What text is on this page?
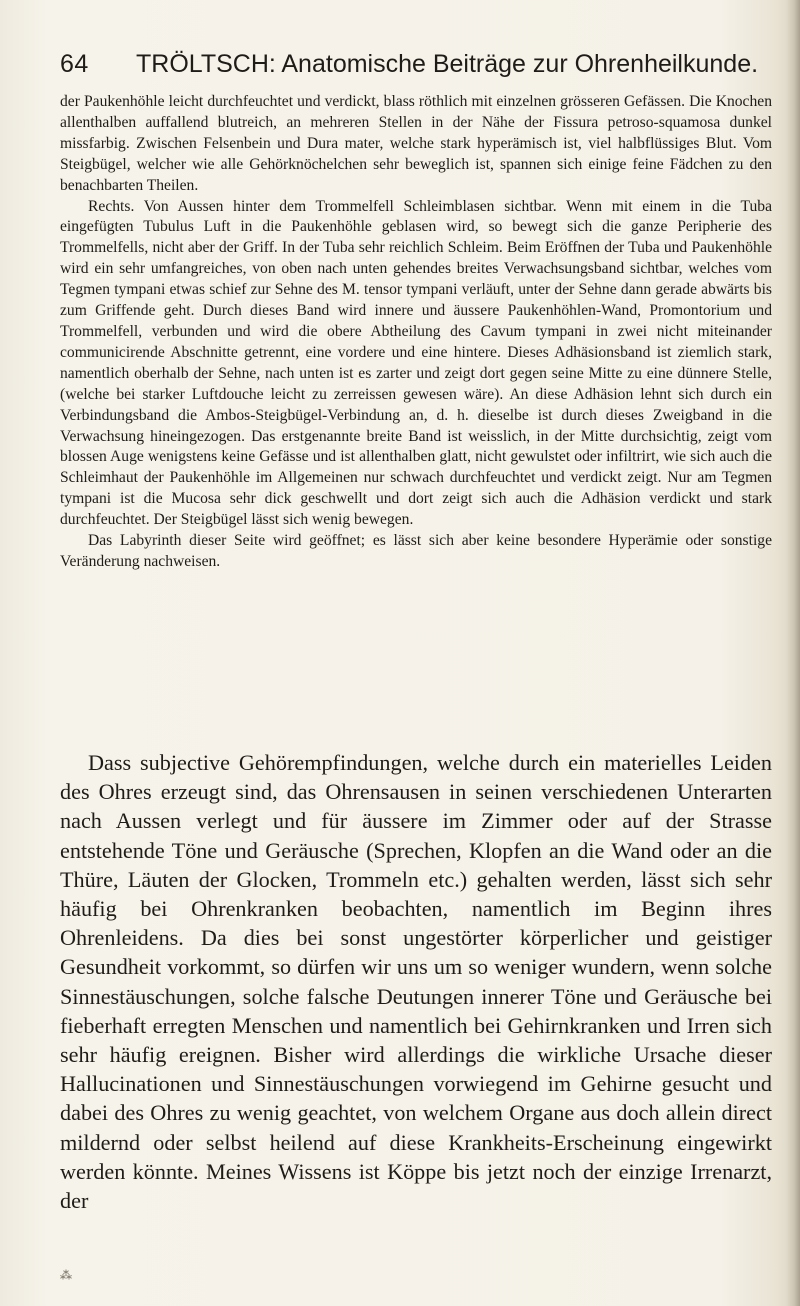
64 TRÖLTSCH: Anatomische Beiträge zur Ohrenheilkunde.

der Paukenhöhle leicht durchfeuchtet und verdickt, blass röthlich mit einzelnen grösseren Gefässen. Die Knochen allenthalben auffallend blutreich, an mehreren Stellen in der Nähe der Fissura petroso-squamosa dunkel missfarbig. Zwischen Felsenbein und Dura mater, welche stark hyperämisch ist, viel halbflüssiges Blut. Vom Steigbügel, welcher wie alle Gehörknöchelchen sehr beweglich ist, spannen sich einige feine Fädchen zu den benachbarten Theilen.

Rechts. Von Aussen hinter dem Trommelfell Schleimblasen sichtbar. Wenn mit einem in die Tuba eingefügten Tubulus Luft in die Paukenhöhle geblasen wird, so bewegt sich die ganze Peripherie des Trommelfells, nicht aber der Griff. In der Tuba sehr reichlich Schleim. Beim Eröffnen der Tuba und Paukenhöhle wird ein sehr umfangreiches, von oben nach unten gehendes breites Verwachsungsband sichtbar, welches vom Tegmen tympani etwas schief zur Sehne des M. tensor tympani verläuft, unter der Sehne dann gerade abwärts bis zum Griffende geht. Durch dieses Band wird innere und äussere Paukenhöhlen-Wand, Promontorium und Trommelfell, verbunden und wird die obere Abtheilung des Cavum tympani in zwei nicht miteinander communicirende Abschnitte getrennt, eine vordere und eine hintere. Dieses Adhäsionsband ist ziemlich stark, namentlich oberhalb der Sehne, nach unten ist es zarter und zeigt dort gegen seine Mitte zu eine dünnere Stelle, (welche bei starker Luftdouche leicht zu zerreissen gewesen wäre). An diese Adhäsion lehnt sich durch ein Verbindungsband die Ambos-Steigbügel-Verbindung an, d. h. dieselbe ist durch dieses Zweigband in die Verwachsung hineingezogen. Das erstgenannte breite Band ist weisslich, in der Mitte durchsichtig, zeigt vom blossen Auge wenigstens keine Gefässe und ist allenthalben glatt, nicht gewulstet oder infiltrirt, wie sich auch die Schleimhaut der Paukenhöhle im Allgemeinen nur schwach durchfeuchtet und verdickt zeigt. Nur am Tegmen tympani ist die Mucosa sehr dick geschwellt und dort zeigt sich auch die Adhäsion verdickt und stark durchfeuchtet. Der Steigbügel lässt sich wenig bewegen.

Das Labyrinth dieser Seite wird geöffnet; es lässt sich aber keine besondere Hyperämie oder sonstige Veränderung nachweisen.

Dass subjective Gehörempfindungen, welche durch ein materielles Leiden des Ohres erzeugt sind, das Ohrensausen in seinen verschiedenen Unterarten nach Aussen verlegt und für äussere im Zimmer oder auf der Strasse entstehende Töne und Geräusche (Sprechen, Klopfen an die Wand oder an die Thüre, Läuten der Glocken, Trommeln etc.) gehalten werden, lässt sich sehr häufig bei Ohrenkranken beobachten, namentlich im Beginn ihres Ohrenleidens. Da dies bei sonst ungestörter körperlicher und geistiger Gesundheit vorkommt, so dürfen wir uns um so weniger wundern, wenn solche Sinnestäuschungen, solche falsche Deutungen innerer Töne und Geräusche bei fieberhaft erregten Menschen und namentlich bei Gehirnkranken und Irren sich sehr häufig ereignen. Bisher wird allerdings die wirkliche Ursache dieser Hallucinationen und Sinnestäuschungen vorwiegend im Gehirne gesucht und dabei des Ohres zu wenig geachtet, von welchem Organe aus doch allein direct mildernd oder selbst heilend auf diese Krankheits-Erscheinung eingewirkt werden könnte. Meines Wissens ist Köppe bis jetzt noch der einzige Irrenarzt, der

⁂
